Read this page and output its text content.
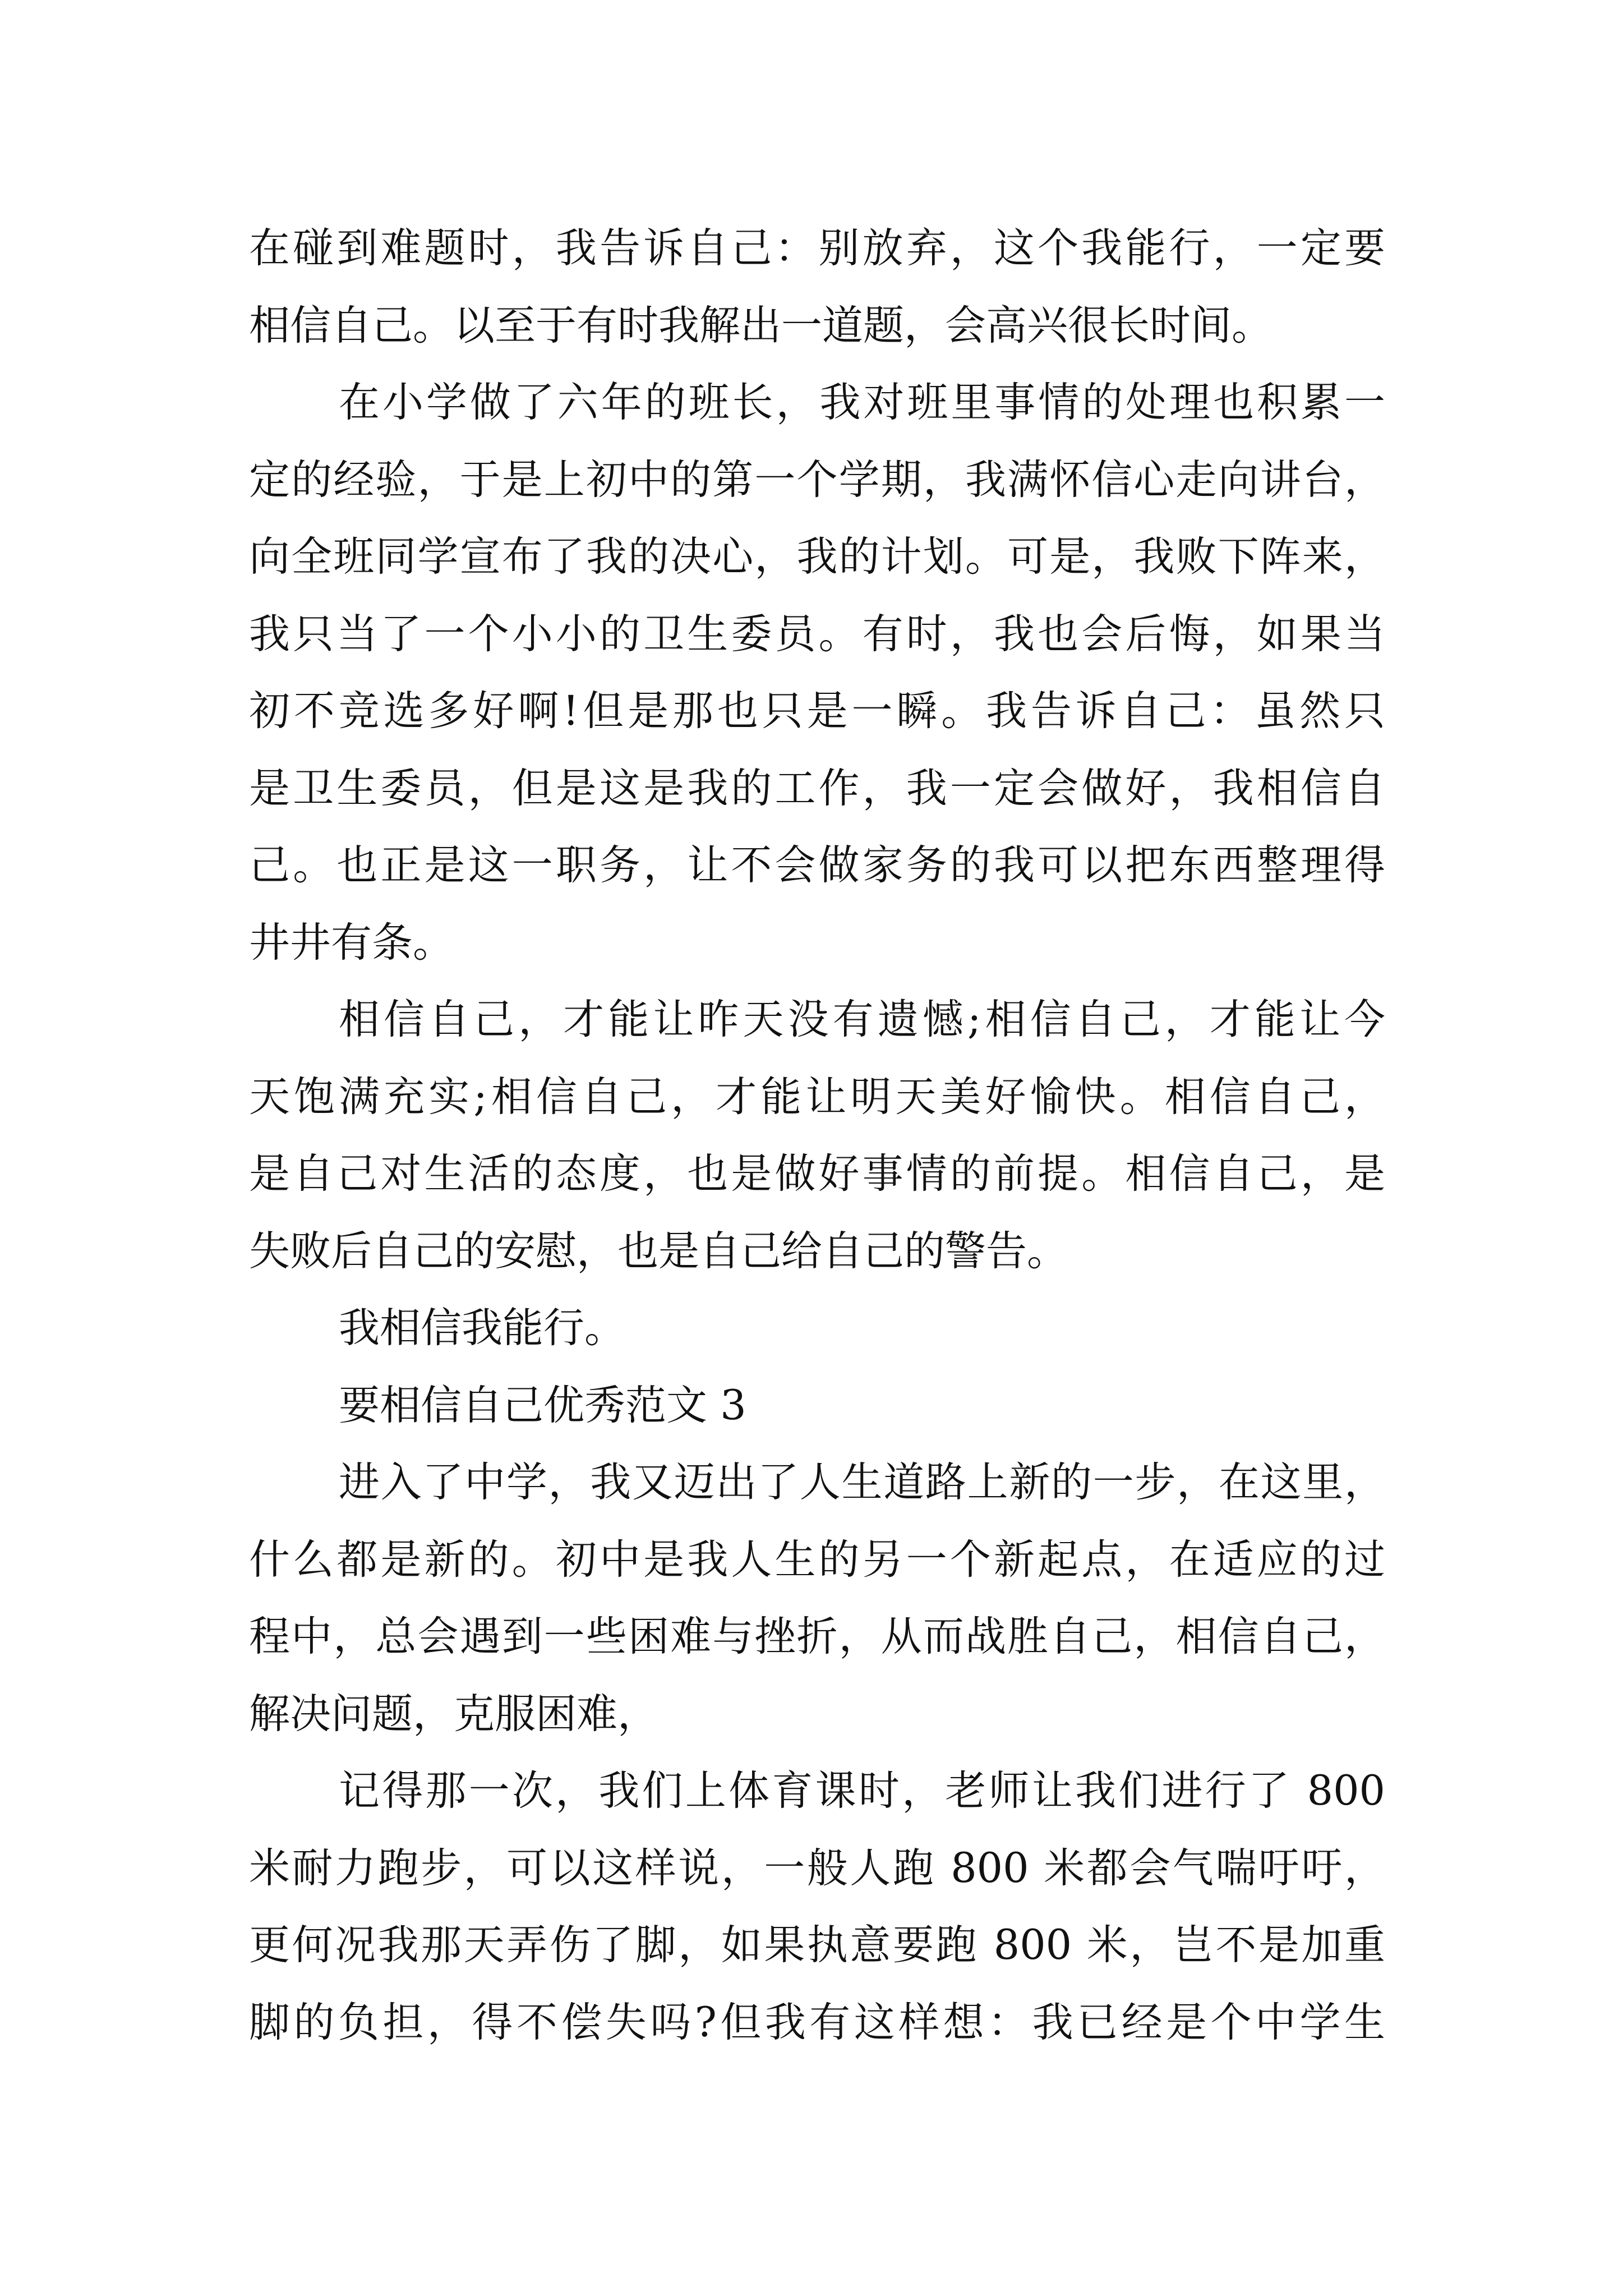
在碰到难题时，我告诉自己：别放弃，这个我能行，一定要
相信自己。以至于有时我解出一道题，会高兴很长时间。
在小学做了六年的班长，我对班里事情的处理也积累一
定的经验，于是上初中的第一个学期，我满怀信心走向讲台，
向全班同学宣布了我的决心，我的计划。可是，我败下阵来，
我只当了一个小小的卫生委员。有时，我也会后悔，如果当
初不竞选多好啊!但是那也只是一瞬。我告诉自己：虽然只
是卫生委员，但是这是我的工作，我一定会做好，我相信自
己。也正是这一职务，让不会做家务的我可以把东西整理得
井井有条。
相信自己，才能让昨天没有遗憾;相信自己，才能让今
天饱满充实;相信自己，才能让明天美好愉快。相信自己，
是自己对生活的态度，也是做好事情的前提。相信自己，是
失败后自己的安慰，也是自己给自己的警告。
我相信我能行。
要相信自己优秀范文 3
进入了中学，我又迈出了人生道路上新的一步，在这里，
什么都是新的。初中是我人生的另一个新起点，在适应的过
程中，总会遇到一些困难与挫折，从而战胜自己，相信自己，
解决问题，克服困难，
记得那一次，我们上体育课时，老师让我们进行了 800
米耐力跑步，可以这样说，一般人跑 800 米都会气喘吁吁，
更何况我那天弄伤了脚，如果执意要跑 800 米，岂不是加重
脚的负担，得不偿失吗?但我有这样想：我已经是个中学生
